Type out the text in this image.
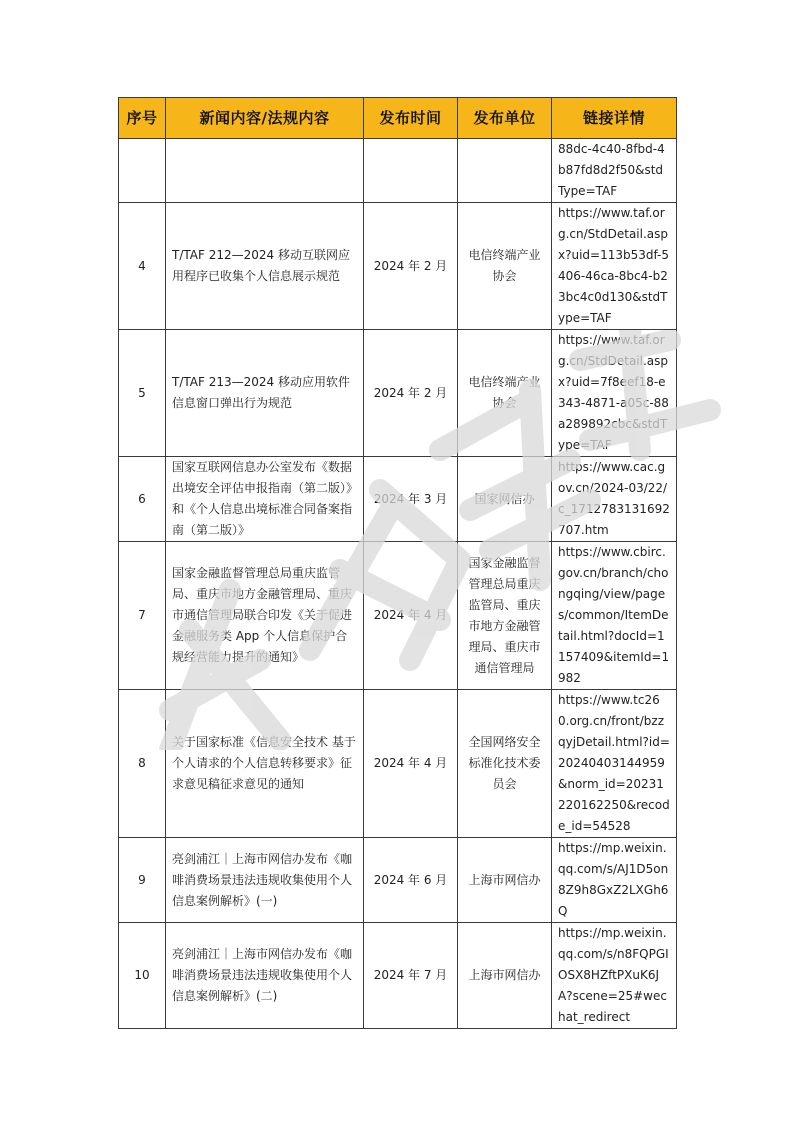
序号	新闻内容/法规内容	发布时间	发布单位	链接详情
				88dc-4c40-8fbd-4b87fd8d2f50&stdType=TAF
4	T/TAF 212—2024 移动互联网应用程序已收集个人信息展示规范	2024 年 2 月	电信终端产业协会	https://www.taf.org.cn/StdDetail.aspx?uid=113b53df-5406-46ca-8bc4-b23bc4c0d130&stdType=TAF
5	T/TAF 213—2024 移动应用软件信息窗口弹出行为规范	2024 年 2 月	电信终端产业协会	https://www.taf.org.cn/StdDetail.aspx?uid=7f8eef18-e343-4871-a05c-88a289892cbc&stdType=TAF
6	国家互联网信息办公室发布《数据出境安全评估申报指南（第二版）》和《个人信息出境标准合同备案指南（第二版）》	2024 年 3 月	国家网信办	https://www.cac.gov.cn/2024-03/22/c_1712783131692707.htm
7	国家金融监督管理总局重庆监管局、重庆市地方金融管理局、重庆市通信管理局联合印发《关于促进金融服务类 App 个人信息保护合规经营能力提升的通知》	2024 年 4 月	国家金融监督管理总局重庆监管局、重庆市地方金融管理局、重庆市通信管理局	https://www.cbirc.gov.cn/branch/chongqing/view/pages/common/ItemDetail.html?docId=1157409&itemId=1982
8	关于国家标准《信息安全技术 基于个人请求的个人信息转移要求》征求意见稿征求意见的通知	2024 年 4 月	全国网络安全标准化技术委员会	https://www.tc260.org.cn/front/bzzqyjDetail.html?id=20240403144959&norm_id=20231220162250&recode_id=54528
9	亮剑浦江｜上海市网信办发布《咖啡消费场景违法违规收集使用个人信息案例解析》(一)	2024 年 6 月	上海市网信办	https://mp.weixin.qq.com/s/AJ1D5on8Z9h8GxZ2LXGh6Q
10	亮剑浦江｜上海市网信办发布《咖啡消费场景违法违规收集使用个人信息案例解析》(二)	2024 年 7 月	上海市网信办	https://mp.weixin.qq.com/s/n8FQPGIOSX8HZftPXuK6JA?scene=25#wechat_redirect
